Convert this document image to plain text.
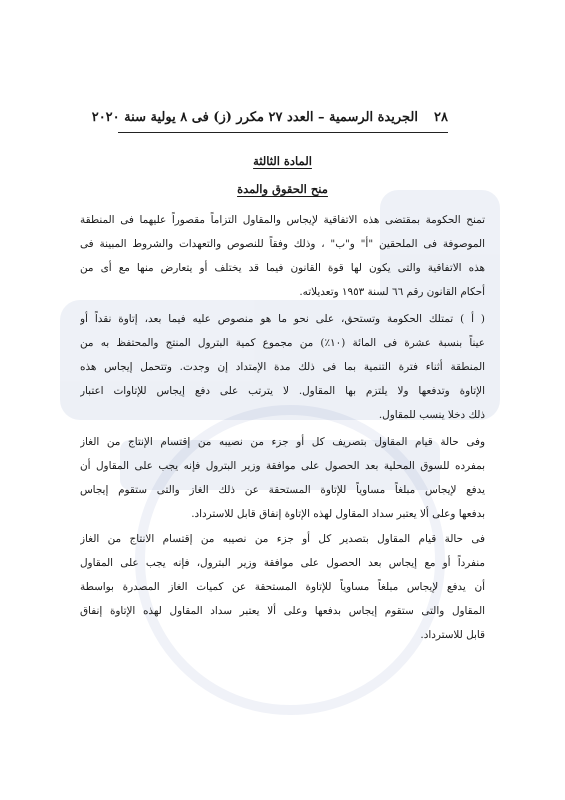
٢٨
الجريدة الرسمية – العدد ٢٧ مكرر (ز) فى ٨ يولية سنة ٢٠٢٠
المادة الثالثة
منح الحقوق والمدة
تمنح الحكومة بمقتضى هذه الاتفاقية لإيجاس والمقاول التزاماً مقصوراً عليهما فى المنطقة
الموصوفة فى الملحقين "أ" و"ب" ، وذلك وفقاً للنصوص والتعهدات والشروط المبينة فى
هذه الاتفاقية والتى يكون لها قوة القانون فيما قد يختلف أو يتعارض منها مع أى من
أحكام القانون رقم ٦٦ لسنة ١٩٥٣ وتعديلاته.
( أ ) تمتلك الحكومة وتستحق، على نحو ما هو منصوص عليه فيما بعد، إتاوة نقداً أو
عيناً بنسبة عشرة فى المائة (١٠٪) من مجموع كمية البترول المنتج والمحتفظ به من
المنطقة أثناء فترة التنمية بما فى ذلك مدة الإمتداد إن وجدت. وتتحمل إيجاس هذه
الإتاوة وتدفعها ولا يلتزم بها المقاول. لا يترتب على دفع إيجاس للإتاوات اعتبار
ذلك دخلا ينسب للمقاول.
وفى حالة قيام المقاول بتصريف كل أو جزء من نصيبه من إقتسام الإنتاج من الغاز
بمفرده للسوق المحلية بعد الحصول على موافقة وزير البترول فإنه يجب على المقاول أن
يدفع لإيجاس مبلغاً مساوياً للإتاوة المستحقة عن ذلك الغاز والتى ستقوم إيجاس
بدفعها وعلى ألا يعتبر سداد المقاول لهذه الإتاوة إنفاق قابل للاسترداد.
فى حالة قيام المقاول بتصدير كل أو جزء من نصيبه من إقتسام الانتاج من الغاز
منفرداً أو مع إيجاس بعد الحصول على موافقة وزير البترول، فإنه يجب على المقاول
أن يدفع لإيجاس مبلغاً مساوياً للإتاوة المستحقة عن كميات الغاز المصدرة بواسطة
المقاول والتى ستقوم إيجاس بدفعها وعلى ألا يعتبر سداد المقاول لهذه الإتاوة إنفاق
قابل للاسترداد.
